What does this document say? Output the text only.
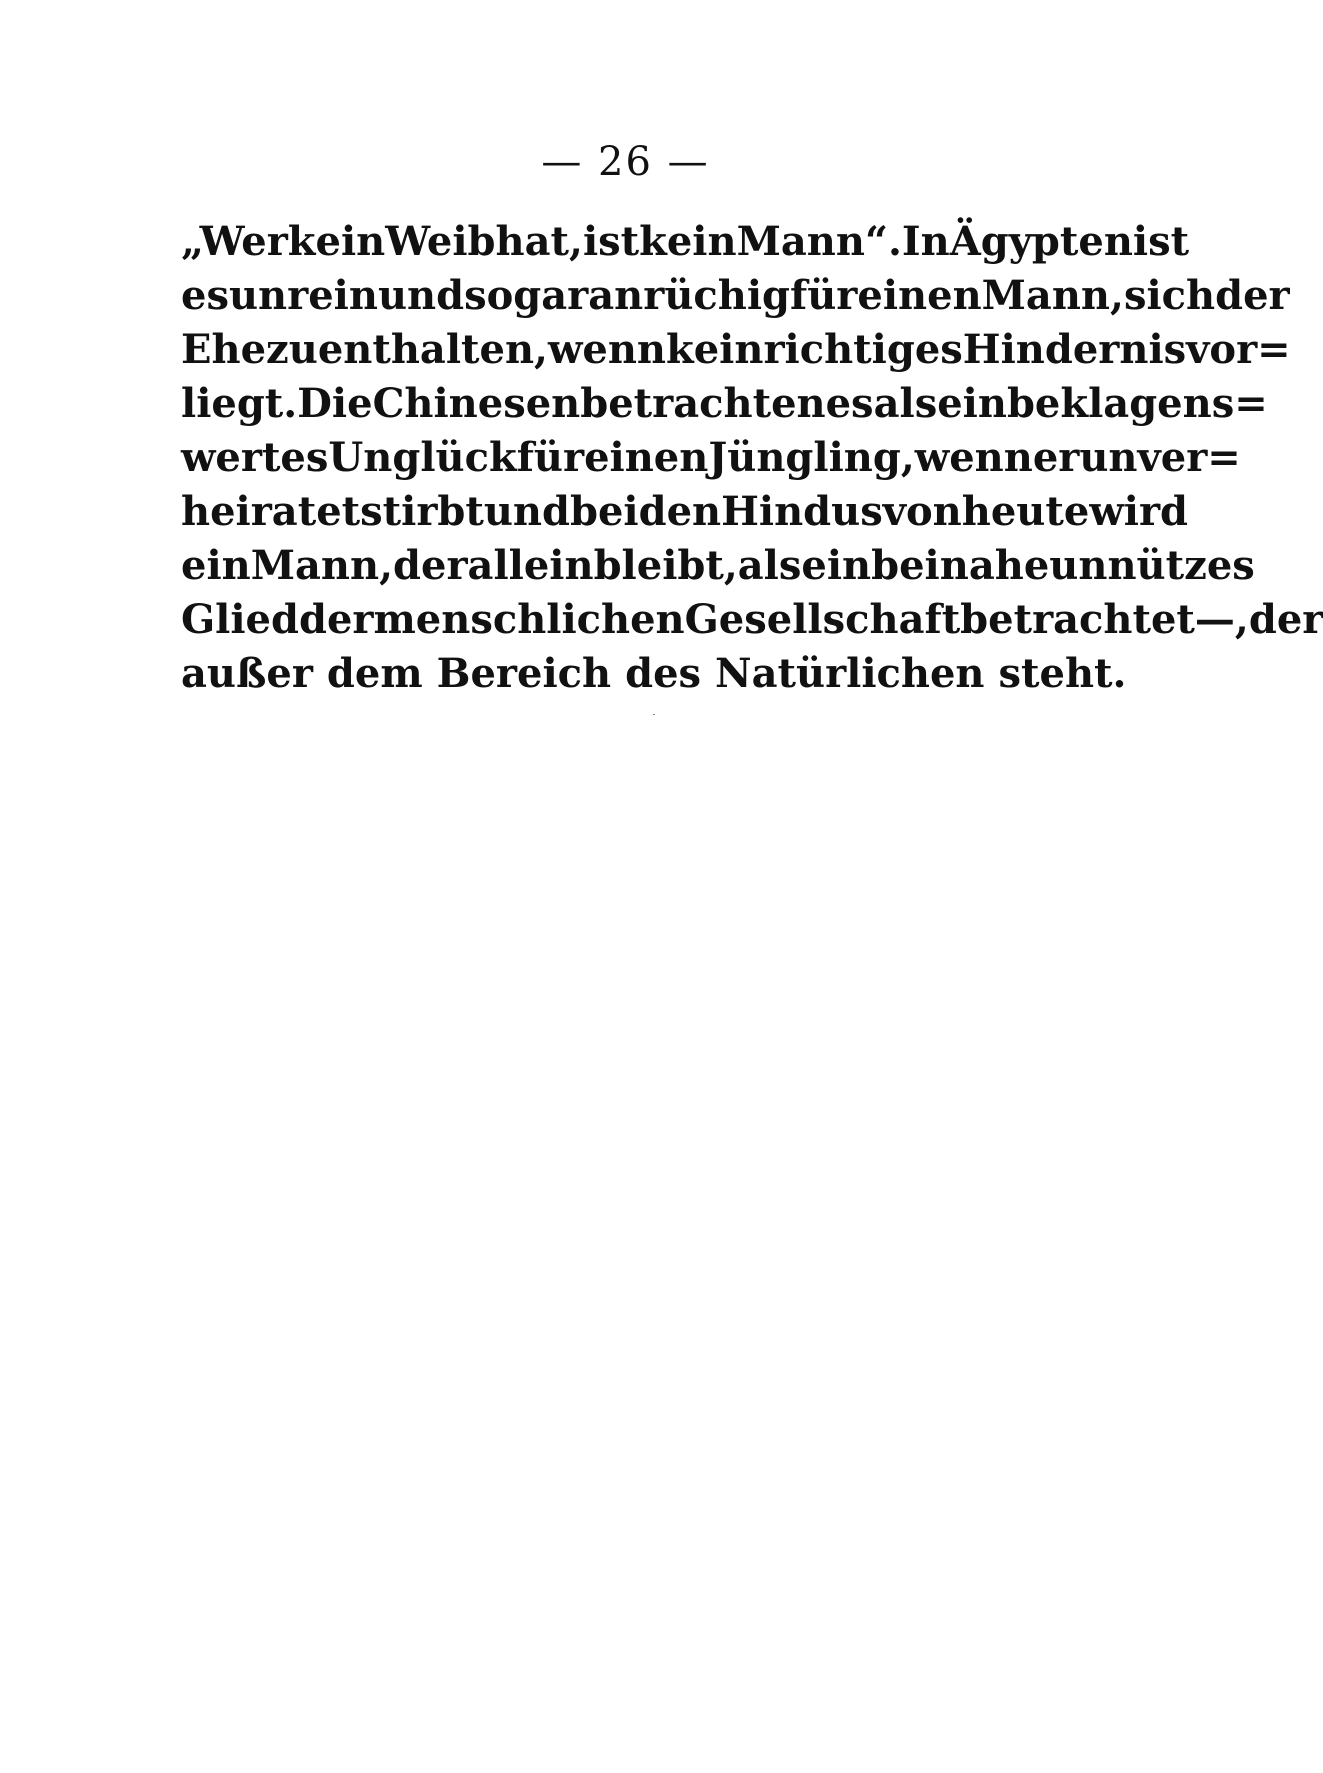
— 26 —
„Wer kein Weib hat, ist kein Mann“. In Ägypten ist
es unrein und sogar anrüchig für einen Mann, sich der
Ehe zu enthalten, wenn kein richtiges Hindernis vor=
liegt. Die Chinesen betrachten es als ein beklagens=
wertes Unglück für einen Jüngling, wenn er unver=
heiratet stirbt und bei den Hindus von heute wird
ein Mann, der allein bleibt, als ein beinahe unnützes
Glied der menschlichen Gesellschaft betrachtet —, der
außer dem Bereich des Natürlichen steht.
